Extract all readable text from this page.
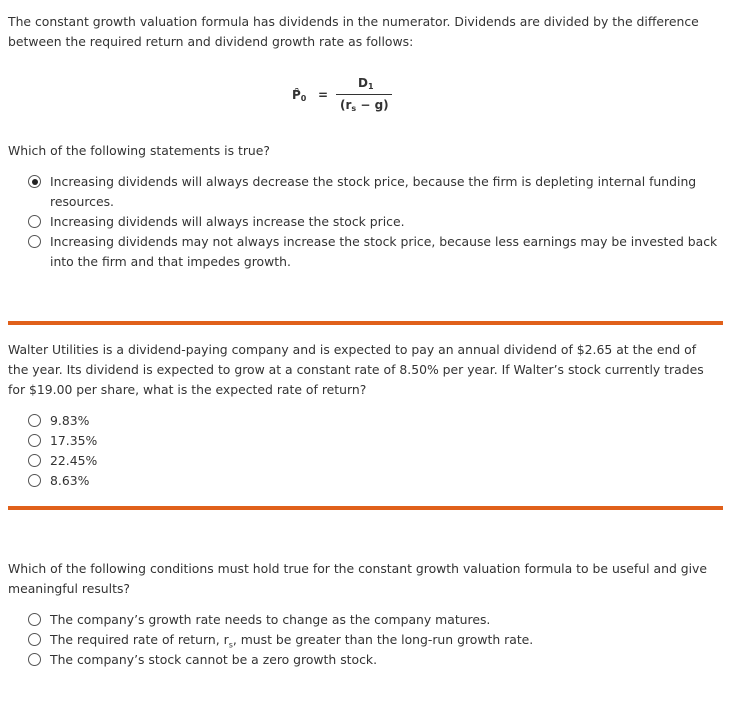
The constant growth valuation formula has dividends in the numerator. Dividends are divided by the difference between the required return and dividend growth rate as follows:

$P̂_0$ =
$D_1$
$(r_s - g)$

Which of the following statements is true?

Increasing dividends will always decrease the stock price, because the firm is depleting internal funding resources.
Increasing dividends will always increase the stock price.
Increasing dividends may not always increase the stock price, because less earnings may be invested back into the firm and that impedes growth.

Walter Utilities is a dividend-paying company and is expected to pay an annual dividend of $2.65 at the end of the year. Its dividend is expected to grow at a constant rate of 8.50% per year. If Walter’s stock currently trades for $19.00 per share, what is the expected rate of return?

9.83%
17.35%
22.45%
8.63%

Which of the following conditions must hold true for the constant growth valuation formula to be useful and give meaningful results?

The company’s growth rate needs to change as the company matures.
The required rate of return, $r_s$, must be greater than the long-run growth rate.
The company’s stock cannot be a zero growth stock.
